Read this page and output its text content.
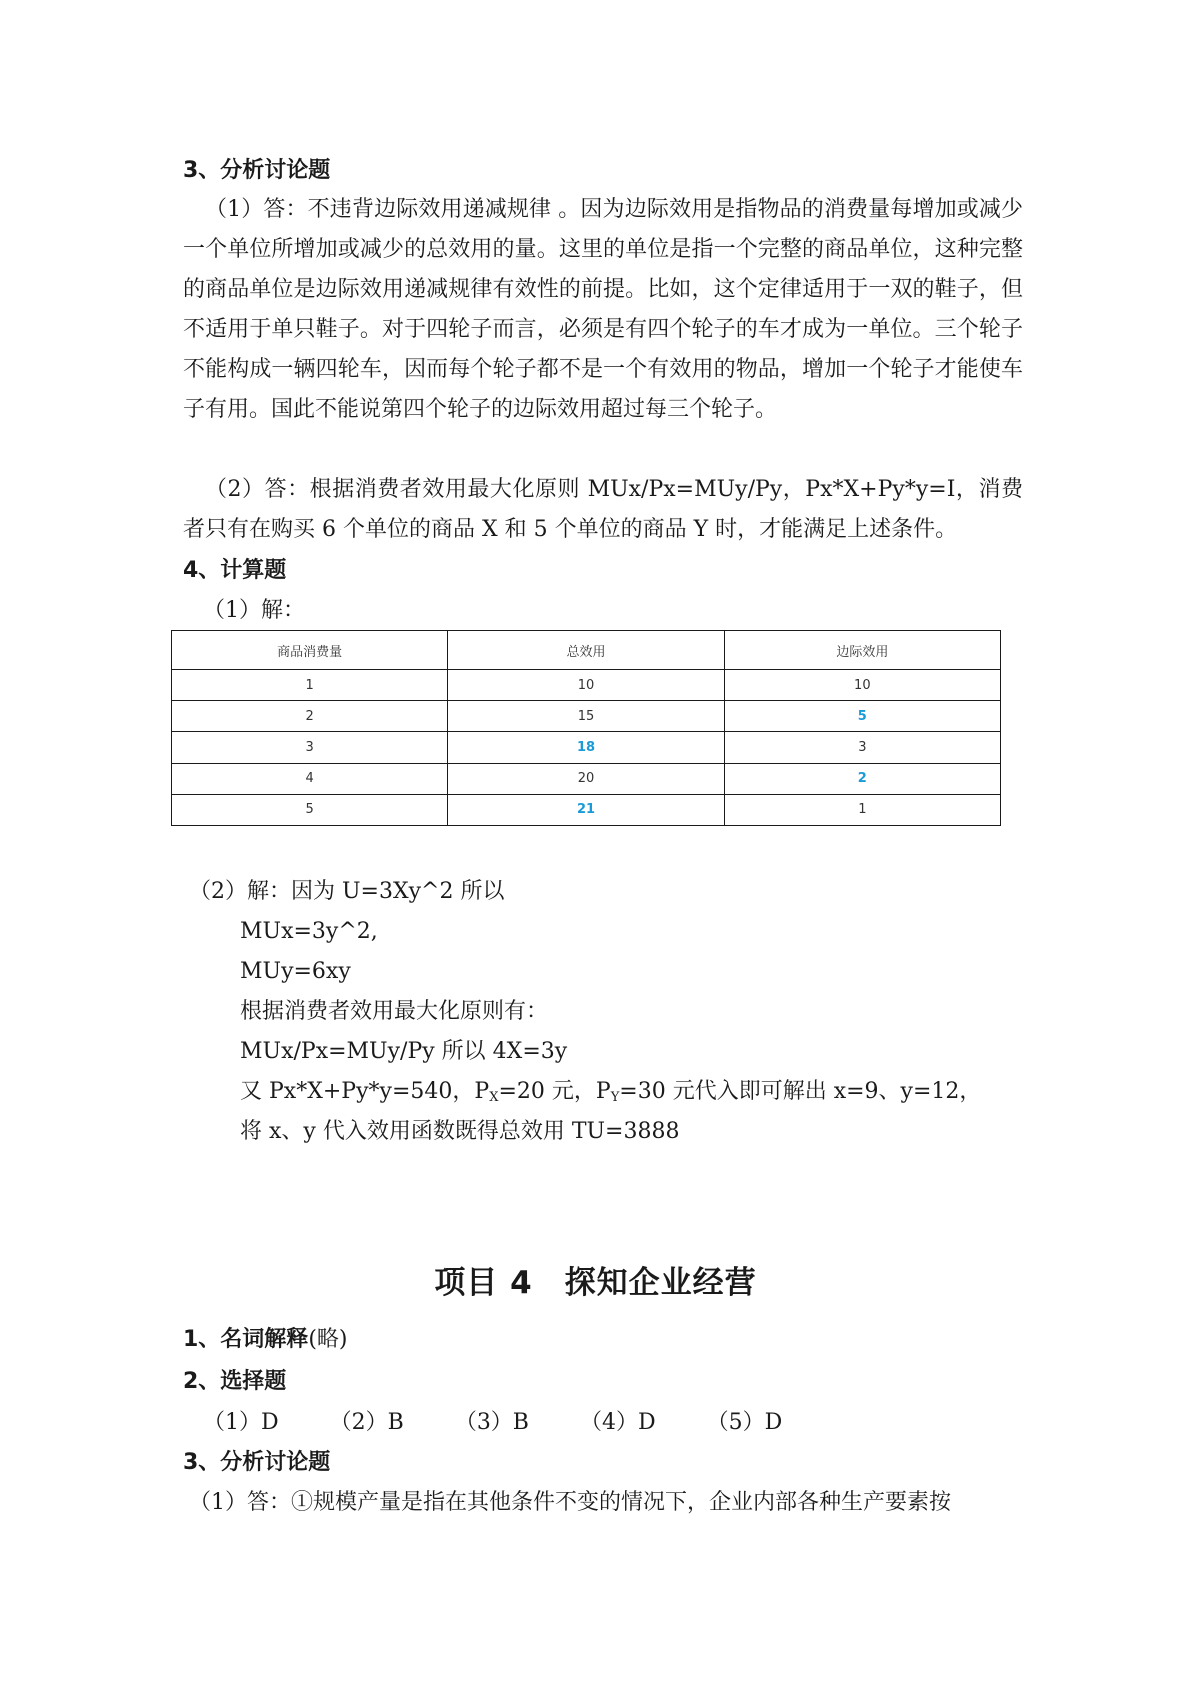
3、分析讨论题
（1）答：不违背边际效用递减规律 。因为边际效用是指物品的消费量每增加或减少一个单位所增加或减少的总效用的量。这里的单位是指一个完整的商品单位，这种完整的商品单位是边际效用递减规律有效性的前提。比如，这个定律适用于一双的鞋子，但不适用于单只鞋子。对于四轮子而言，必须是有四个轮子的车才成为一单位。三个轮子不能构成一辆四轮车，因而每个轮子都不是一个有效用的物品，增加一个轮子才能使车子有用。国此不能说第四个轮子的边际效用超过每三个轮子。
（2）答：根据消费者效用最大化原则 MUx/Px=MUy/Py，Px*X+Py*y=I，消费者只有在购买 6 个单位的商品 X 和 5 个单位的商品 Y 时，才能满足上述条件。
4、计算题
（1）解：
商品消费量	总效用	边际效用
1	10	10
2	15	5
3	18	3
4	20	2
5	21	1
（2）解：因为 U=3Xy^2 所以
MUx=3y^2,
MUy=6xy
根据消费者效用最大化原则有：
MUx/Px=MUy/Py 所以 4X=3y
又 Px*X+Py*y=540，$P_X=20$ 元，$P_Y=30$ 元代入即可解出 x=9、y=12，
将 x、y 代入效用函数既得总效用 TU=3888
项目 4　探知企业经营
1、名词解释(略)
2、选择题
（1）D （2）B （3）B （4）D （5）D
3、分析讨论题
（1）答：①规模产量是指在其他条件不变的情况下，企业内部各种生产要素按
